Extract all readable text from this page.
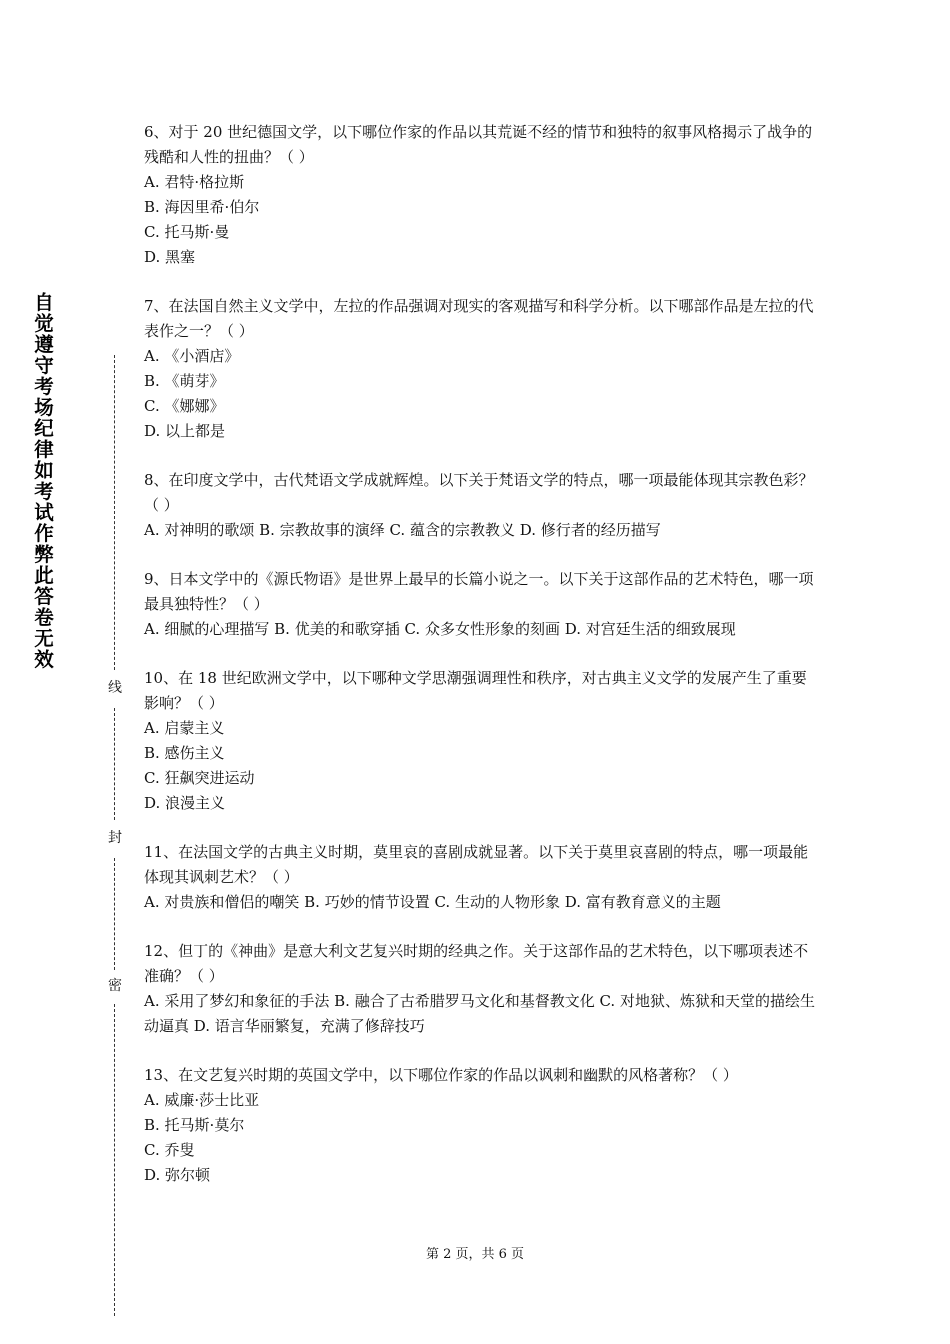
自
觉
遵
守
考
场
纪
律
如
考
试
作
弊
此
答
卷
无
效
线
封
密

6、对于 20 世纪德国文学，以下哪位作家的作品以其荒诞不经的情节和独特的叙事风格揭示了战争的残酷和人性的扭曲？（ ）

A. 君特·格拉斯

B. 海因里希·伯尔

C. 托马斯·曼

D. 黑塞

7、在法国自然主义文学中，左拉的作品强调对现实的客观描写和科学分析。以下哪部作品是左拉的代表作之一？（ ）

A. 《小酒店》

B. 《萌芽》

C. 《娜娜》

D. 以上都是

8、在印度文学中，古代梵语文学成就辉煌。以下关于梵语文学的特点，哪一项最能体现其宗教色彩？（ ）

A. 对神明的歌颂 B. 宗教故事的演绎 C. 蕴含的宗教教义 D. 修行者的经历描写

9、日本文学中的《源氏物语》是世界上最早的长篇小说之一。以下关于这部作品的艺术特色，哪一项最具独特性？（ ）

A. 细腻的心理描写 B. 优美的和歌穿插 C. 众多女性形象的刻画 D. 对宫廷生活的细致展现

10、在 18 世纪欧洲文学中，以下哪种文学思潮强调理性和秩序，对古典主义文学的发展产生了重要影响？（ ）

A. 启蒙主义

B. 感伤主义

C. 狂飙突进运动

D. 浪漫主义

11、在法国文学的古典主义时期，莫里哀的喜剧成就显著。以下关于莫里哀喜剧的特点，哪一项最能体现其讽刺艺术？（ ）

A. 对贵族和僧侣的嘲笑 B. 巧妙的情节设置 C. 生动的人物形象 D. 富有教育意义的主题

12、但丁的《神曲》是意大利文艺复兴时期的经典之作。关于这部作品的艺术特色，以下哪项表述不准确？（ ）

A. 采用了梦幻和象征的手法 B. 融合了古希腊罗马文化和基督教文化 C. 对地狱、炼狱和天堂的描绘生动逼真 D. 语言华丽繁复，充满了修辞技巧

13、在文艺复兴时期的英国文学中，以下哪位作家的作品以讽刺和幽默的风格著称？（ ）

A. 威廉·莎士比亚

B. 托马斯·莫尔

C. 乔叟

D. 弥尔顿

第 2 页，共 6 页
